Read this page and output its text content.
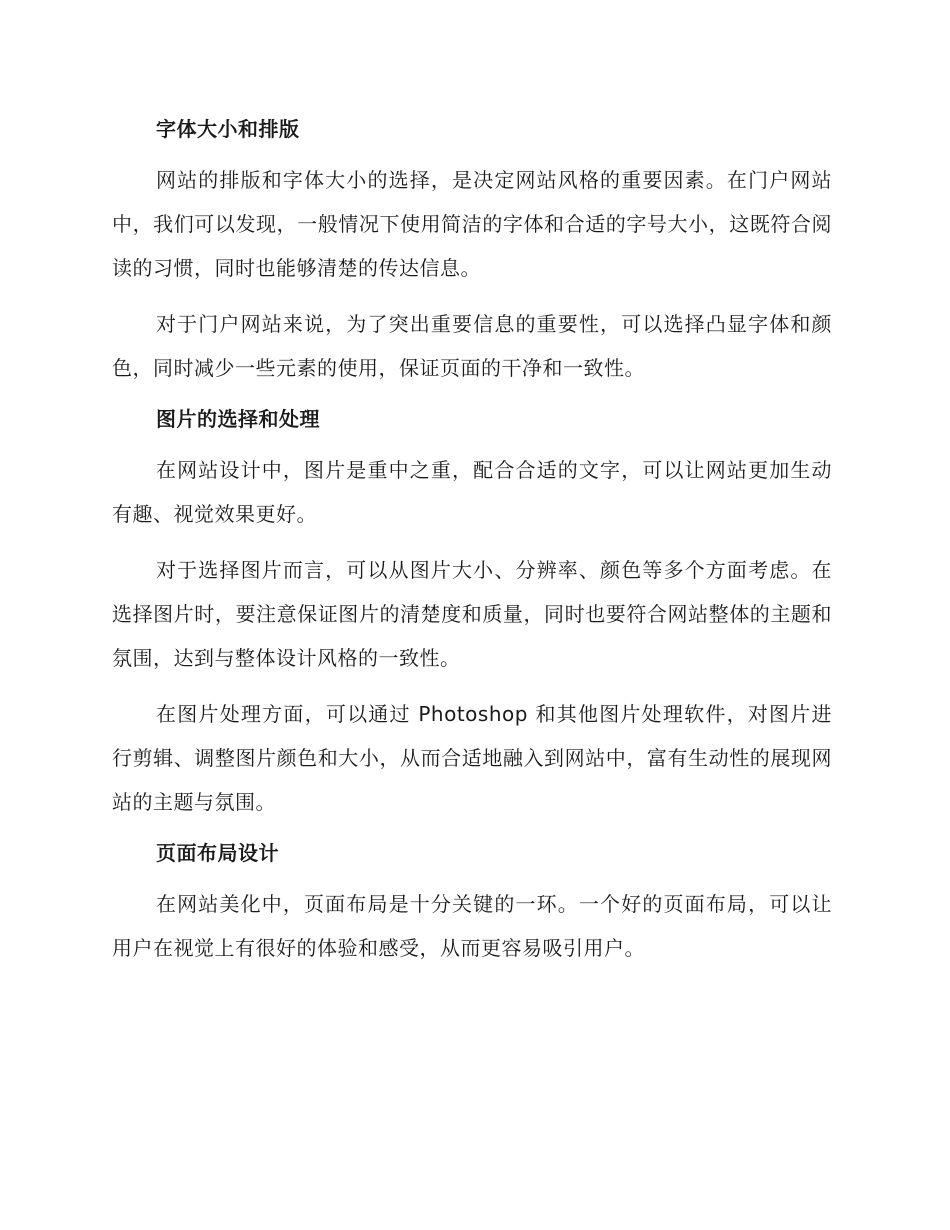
字体大小和排版

网站的排版和字体大小的选择，是决定网站风格的重要因素。在门户网站中，我们可以发现，一般情况下使用简洁的字体和合适的字号大小，这既符合阅读的习惯，同时也能够清楚的传达信息。

对于门户网站来说，为了突出重要信息的重要性，可以选择凸显字体和颜色，同时减少一些元素的使用，保证页面的干净和一致性。

图片的选择和处理

在网站设计中，图片是重中之重，配合合适的文字，可以让网站更加生动有趣、视觉效果更好。

对于选择图片而言，可以从图片大小、分辨率、颜色等多个方面考虑。在选择图片时，要注意保证图片的清楚度和质量，同时也要符合网站整体的主题和氛围，达到与整体设计风格的一致性。

在图片处理方面，可以通过 Photoshop 和其他图片处理软件，对图片进行剪辑、调整图片颜色和大小，从而合适地融入到网站中，富有生动性的展现网站的主题与氛围。

页面布局设计

在网站美化中，页面布局是十分关键的一环。一个好的页面布局，可以让用户在视觉上有很好的体验和感受，从而更容易吸引用户。
